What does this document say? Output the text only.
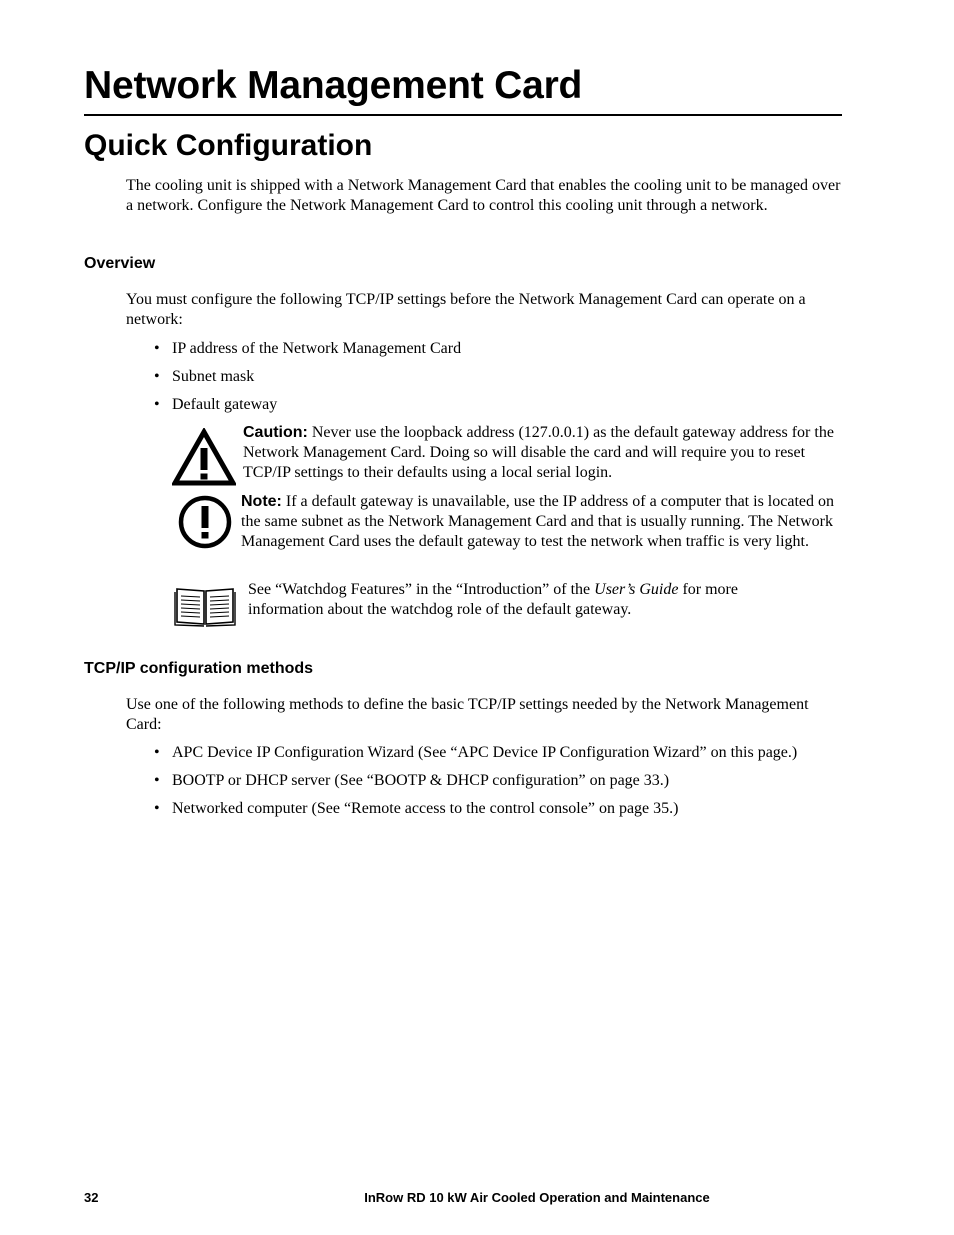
Network Management Card
Quick Configuration

The cooling unit is shipped with a Network Management Card that enables the cooling unit to be managed over a network. Configure the Network Management Card to control this cooling unit through a network.

Overview

You must configure the following TCP/IP settings before the Network Management Card can operate on a network:

• IP address of the Network Management Card

• Subnet mask

• Default gateway

Caution: Never use the loopback address (127.0.0.1) as the default gateway address for the Network Management Card. Doing so will disable the card and will require you to reset TCP/IP settings to their defaults using a local serial login.

Note: If a default gateway is unavailable, use the IP address of a computer that is located on the same subnet as the Network Management Card and that is usually running. The Network Management Card uses the default gateway to test the network when traffic is very light.

See “Watchdog Features” in the “Introduction” of the User’s Guide for more information about the watchdog role of the default gateway.

TCP/IP configuration methods

Use one of the following methods to define the basic TCP/IP settings needed by the Network Management Card:

• APC Device IP Configuration Wizard (See “APC Device IP Configuration Wizard” on this page.)

• BOOTP or DHCP server (See “BOOTP & DHCP configuration” on page 33.)

• Networked computer (See “Remote access to the control console” on page 35.)

32	InRow RD 10 kW Air Cooled Operation and Maintenance
